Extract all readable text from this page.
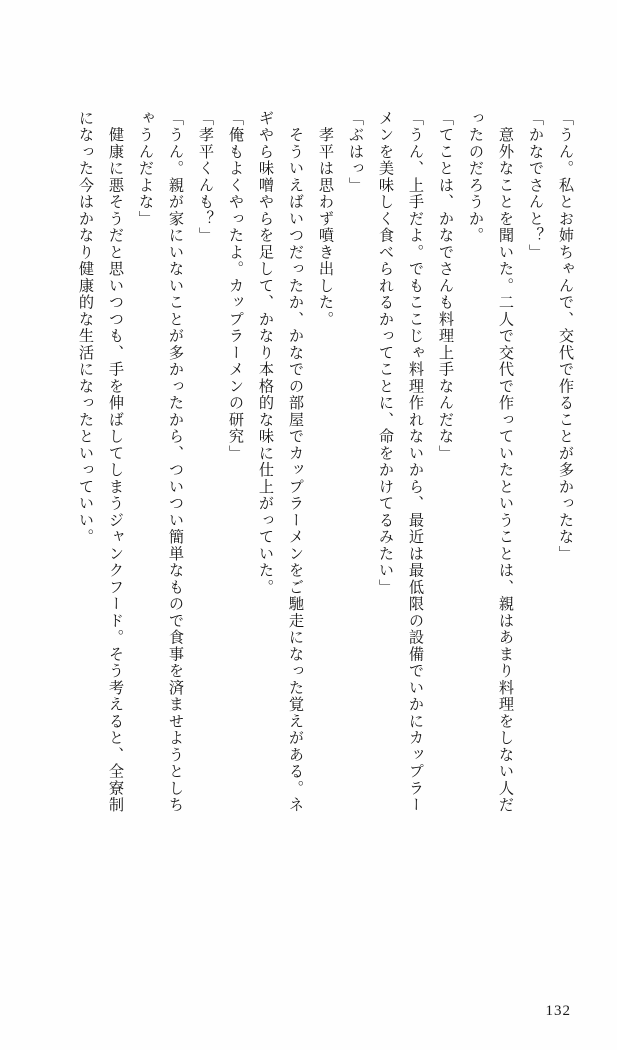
「うん。私とお姉ちゃんで、交代で作ることが多かったな」
「かなでさんと？」
　意外なことを聞いた。二人で交代で作っていたということは、親はあまり料理をしない人だ
ったのだろうか。
「てことは、かなでさんも料理上手なんだな」
「うん、上手だよ。でもここじゃ料理作れないから、最近は最低限の設備でいかにカップラー
メンを美味しく食べられるかってことに、命をかけてるみたい」
「ぶはっ」
　孝平は思わず噴き出した。
　そういえばいつだったか、かなでの部屋でカップラーメンをご馳走になった覚えがある。ネ
ギやら味噌やらを足して、かなり本格的な味に仕上がっていた。
「俺もよくやったよ。カップラーメンの研究」
「孝平くんも？」
「うん。親が家にいないことが多かったから、ついつい簡単なもので食事を済ませようとしち
ゃうんだよな」
　健康に悪そうだと思いつつも、手を伸ばしてしまうジャンクフード。そう考えると、全寮制
になった今はかなり健康的な生活になったといっていい。
132
